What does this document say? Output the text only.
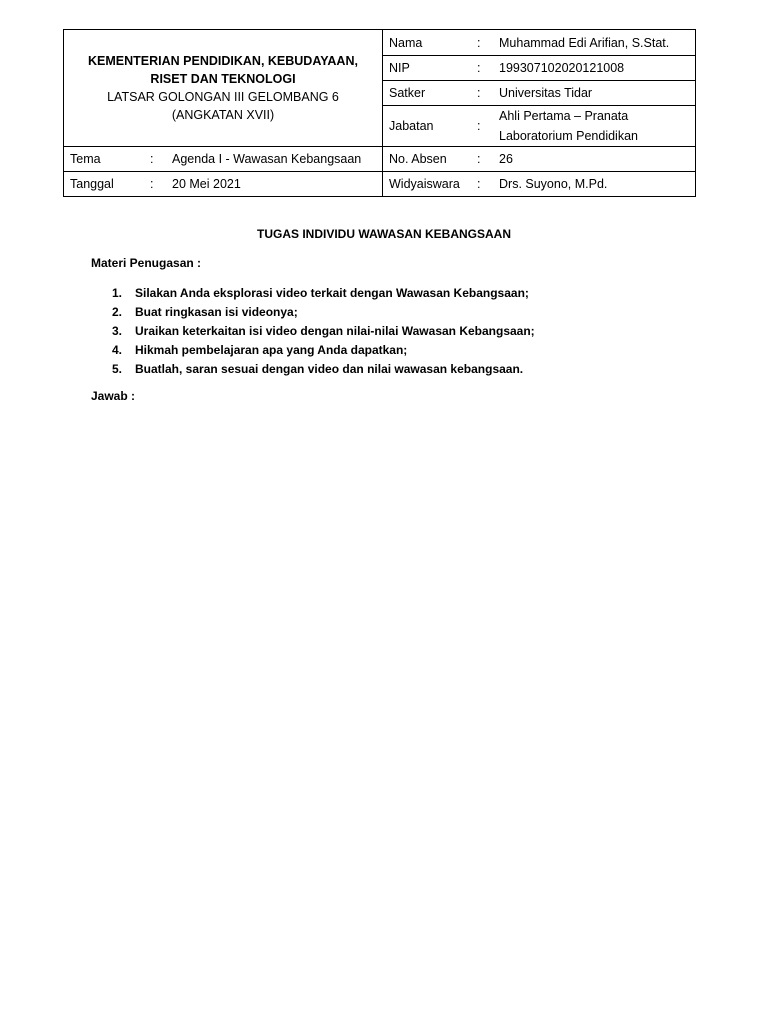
KEMENTERIAN PENDIDIKAN, KEBUDAYAAN,
RISET DAN TEKNOLOGI
LATSAR GOLONGAN III GELOMBANG 6
(ANGKATAN XVII)	Nama : Muhammad Edi Arifian, S.Stat.

	NIP : 199307102020121008

	Satker : Universitas Tidar

	Jabatan :
Ahli Pertama – Pranata
Laboratorium Pendidikan

Tema : Agenda I - Wawasan Kebangsaan	No. Absen : 26

Tanggal : 20 Mei 2021	Widyaiswara : Drs. Suyono, M.Pd.
TUGAS INDIVIDU WAWASAN KEBANGSAAN
Materi Penugasan :
1.	Silakan Anda eksplorasi video terkait dengan Wawasan Kebangsaan;
2.	Buat ringkasan isi videonya;
3.	Uraikan keterkaitan isi video dengan nilai-nilai Wawasan Kebangsaan;
4.	Hikmah pembelajaran apa yang Anda dapatkan;
5.	Buatlah, saran sesuai dengan video dan nilai wawasan kebangsaan.
Jawab :
